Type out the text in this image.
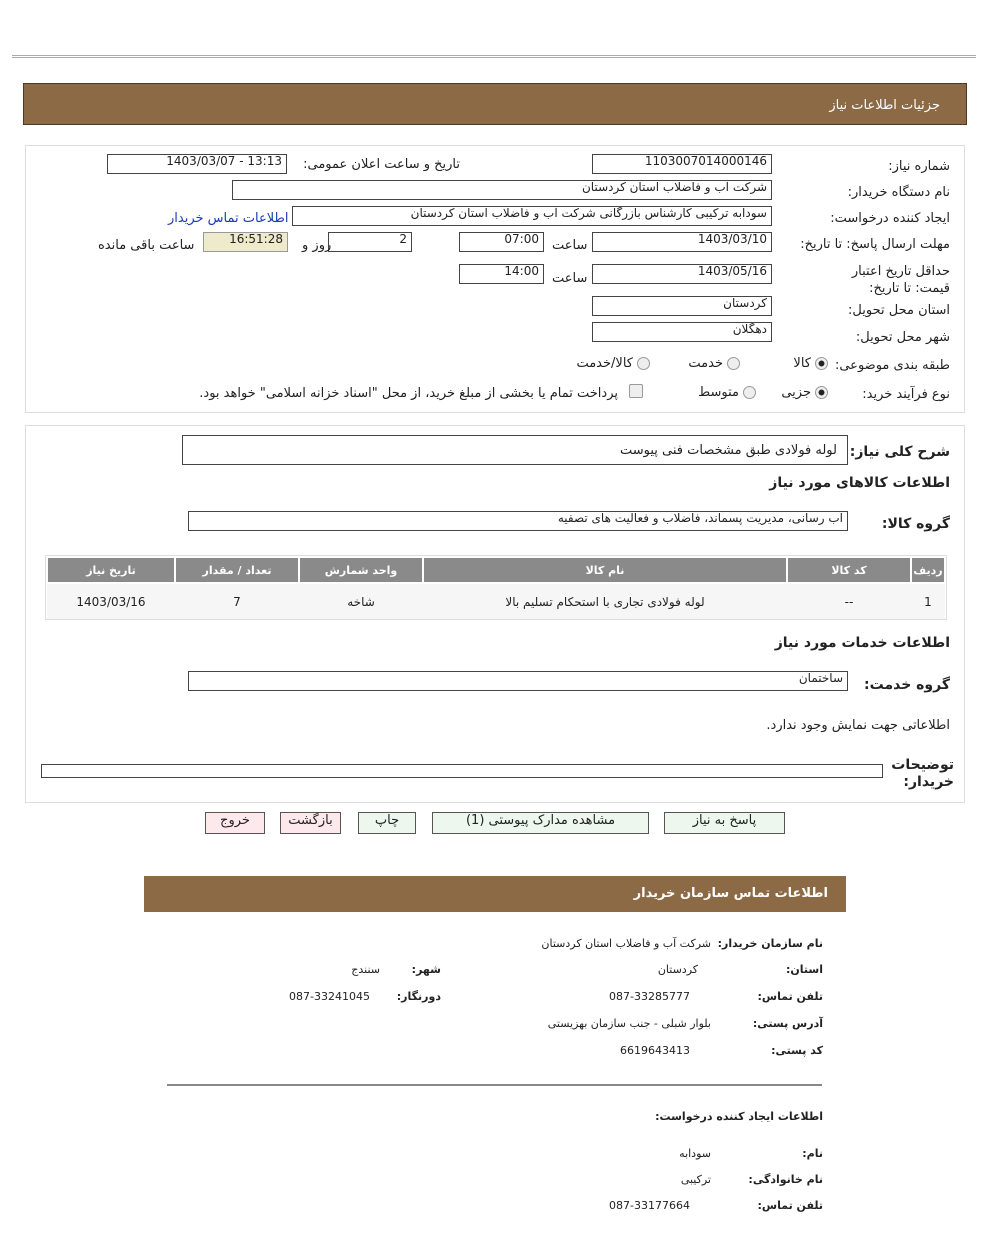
جزئیات اطلاعات نیاز
شماره نیاز:
1103007014000146
تاریخ و ساعت اعلان عمومی:
1403/03/07 - 13:13
نام دستگاه خریدار:
شرکت آب و فاضلاب استان کردستان
ایجاد کننده درخواست:
سودابه ترکیبی کارشناس بازرگانی شرکت آب و فاضلاب استان کردستان
اطلاعات تماس خریدار
مهلت ارسال پاسخ: تا تاریخ:
1403/03/10
ساعت
07:00
2
روز و
16:51:28
ساعت باقی مانده
حداقل تاریخ اعتبار قیمت: تا تاریخ:
1403/05/16
ساعت
14:00
استان محل تحویل:
کردستان
شهر محل تحویل:
دهگلان
طبقه بندی موضوعی:
کالا
خدمت
کالا/خدمت
نوع فرآیند خرید:
جزیی
متوسط
پرداخت تمام یا بخشی از مبلغ خرید، از محل "اسناد خزانه اسلامی" خواهد بود.
شرح کلی نیاز:
لوله فولادی طبق مشخصات فنی پیوست
اطلاعات کالاهای مورد نیاز
گروه کالا:
آب رسانی، مدیریت پسماند، فاضلاب و فعالیت های تصفیه
ردیف	کد کالا	نام کالا	واحد شمارش	تعداد / مقدار	تاریخ نیاز
1	--	لوله فولادی تجاری با استحکام تسلیم بالا	شاخه	7	1403/03/16
اطلاعات خدمات مورد نیاز
گروه خدمت:
ساختمان
اطلاعاتی جهت نمایش وجود ندارد.
توضیحات خریدار:
پاسخ به نیاز
مشاهده مدارک پیوستی (1)
چاپ
بازگشت
خروج
اطلاعات تماس سازمان خریدار
نام سازمان خریدار:
شرکت آب و فاضلاب استان کردستان
استان:
کردستان
شهر:
سنندج
تلفن تماس:
087-33285777
دورنگار:
087-33241045
آدرس پستی:
بلوار شبلی - جنب سازمان بهزیستی
کد پستی:
6619643413
اطلاعات ایجاد کننده درخواست:
نام:
سودابه
نام خانوادگی:
ترکیبی
تلفن تماس:
087-33177664
